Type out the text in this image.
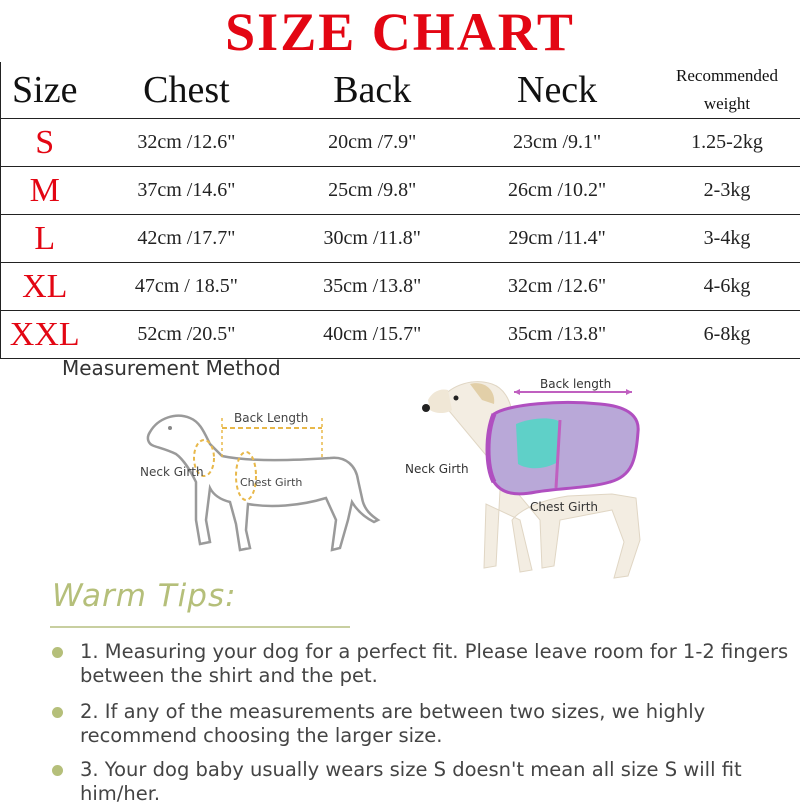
SIZE CHART
Size	Chest	Back	Neck	Recommended weight
S	32cm /12.6"	20cm /7.9"	23cm /9.1"	1.25-2kg
M	37cm /14.6"	25cm /9.8"	26cm /10.2"	2-3kg
L	42cm /17.7"	30cm /11.8"	29cm /11.4"	3-4kg
XL	47cm / 18.5"	35cm /13.8"	32cm /12.6"	4-6kg
XXL	52cm /20.5"	40cm /15.7"	35cm /13.8"	6-8kg
Measurement Method
Back Length
Neck Girth
Chest Girth
Back length
Neck Girth
Chest Girth
Warm Tips:
1. Measuring your dog for a perfect fit. Please leave room for 1-2 fingers between the shirt and the pet.
2. If any of the measurements are between two sizes, we highly recommend choosing the larger size.
3. Your dog baby usually wears size S doesn't mean all size S will fit him/her.
